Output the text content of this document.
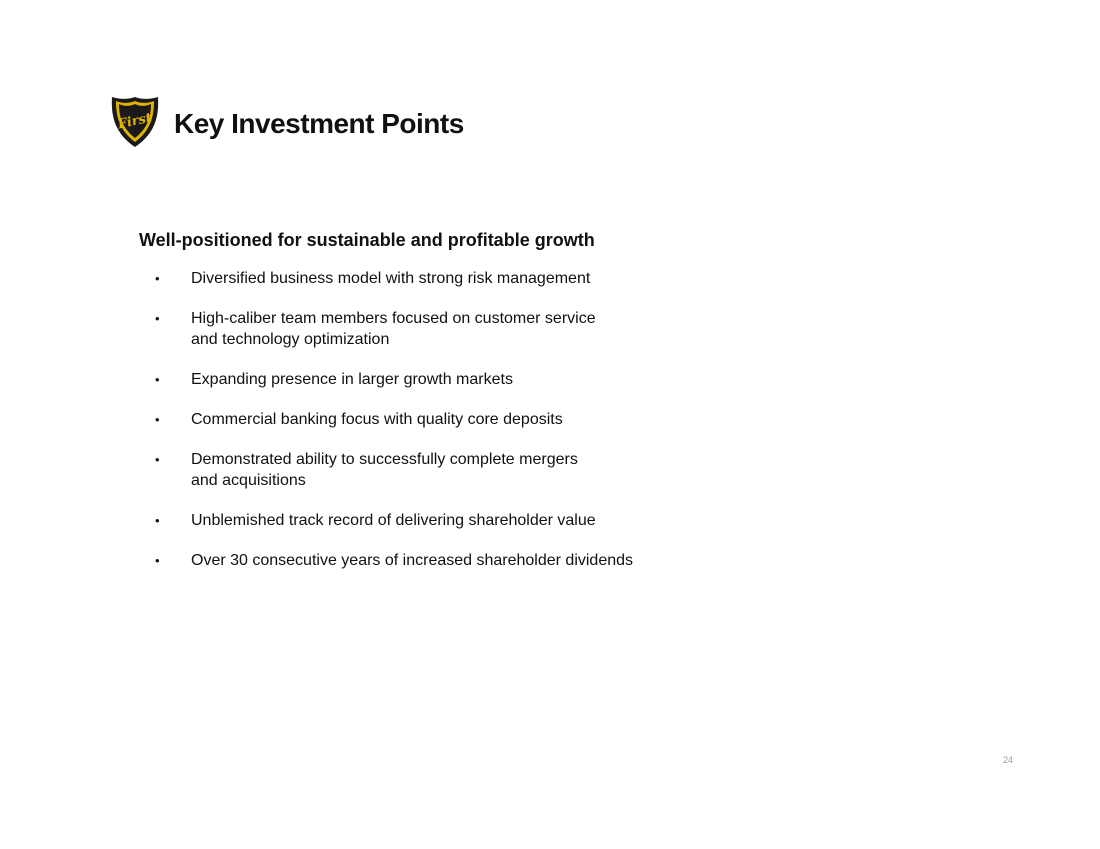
First Key Investment Points
Well-positioned for sustainable and profitable growth
• Diversified business model with strong risk management
• High-caliber team members focused on customer service
and technology optimization
• Expanding presence in larger growth markets
• Commercial banking focus with quality core deposits
• Demonstrated ability to successfully complete mergers
and acquisitions
• Unblemished track record of delivering shareholder value
• Over 30 consecutive years of increased shareholder dividends

24
